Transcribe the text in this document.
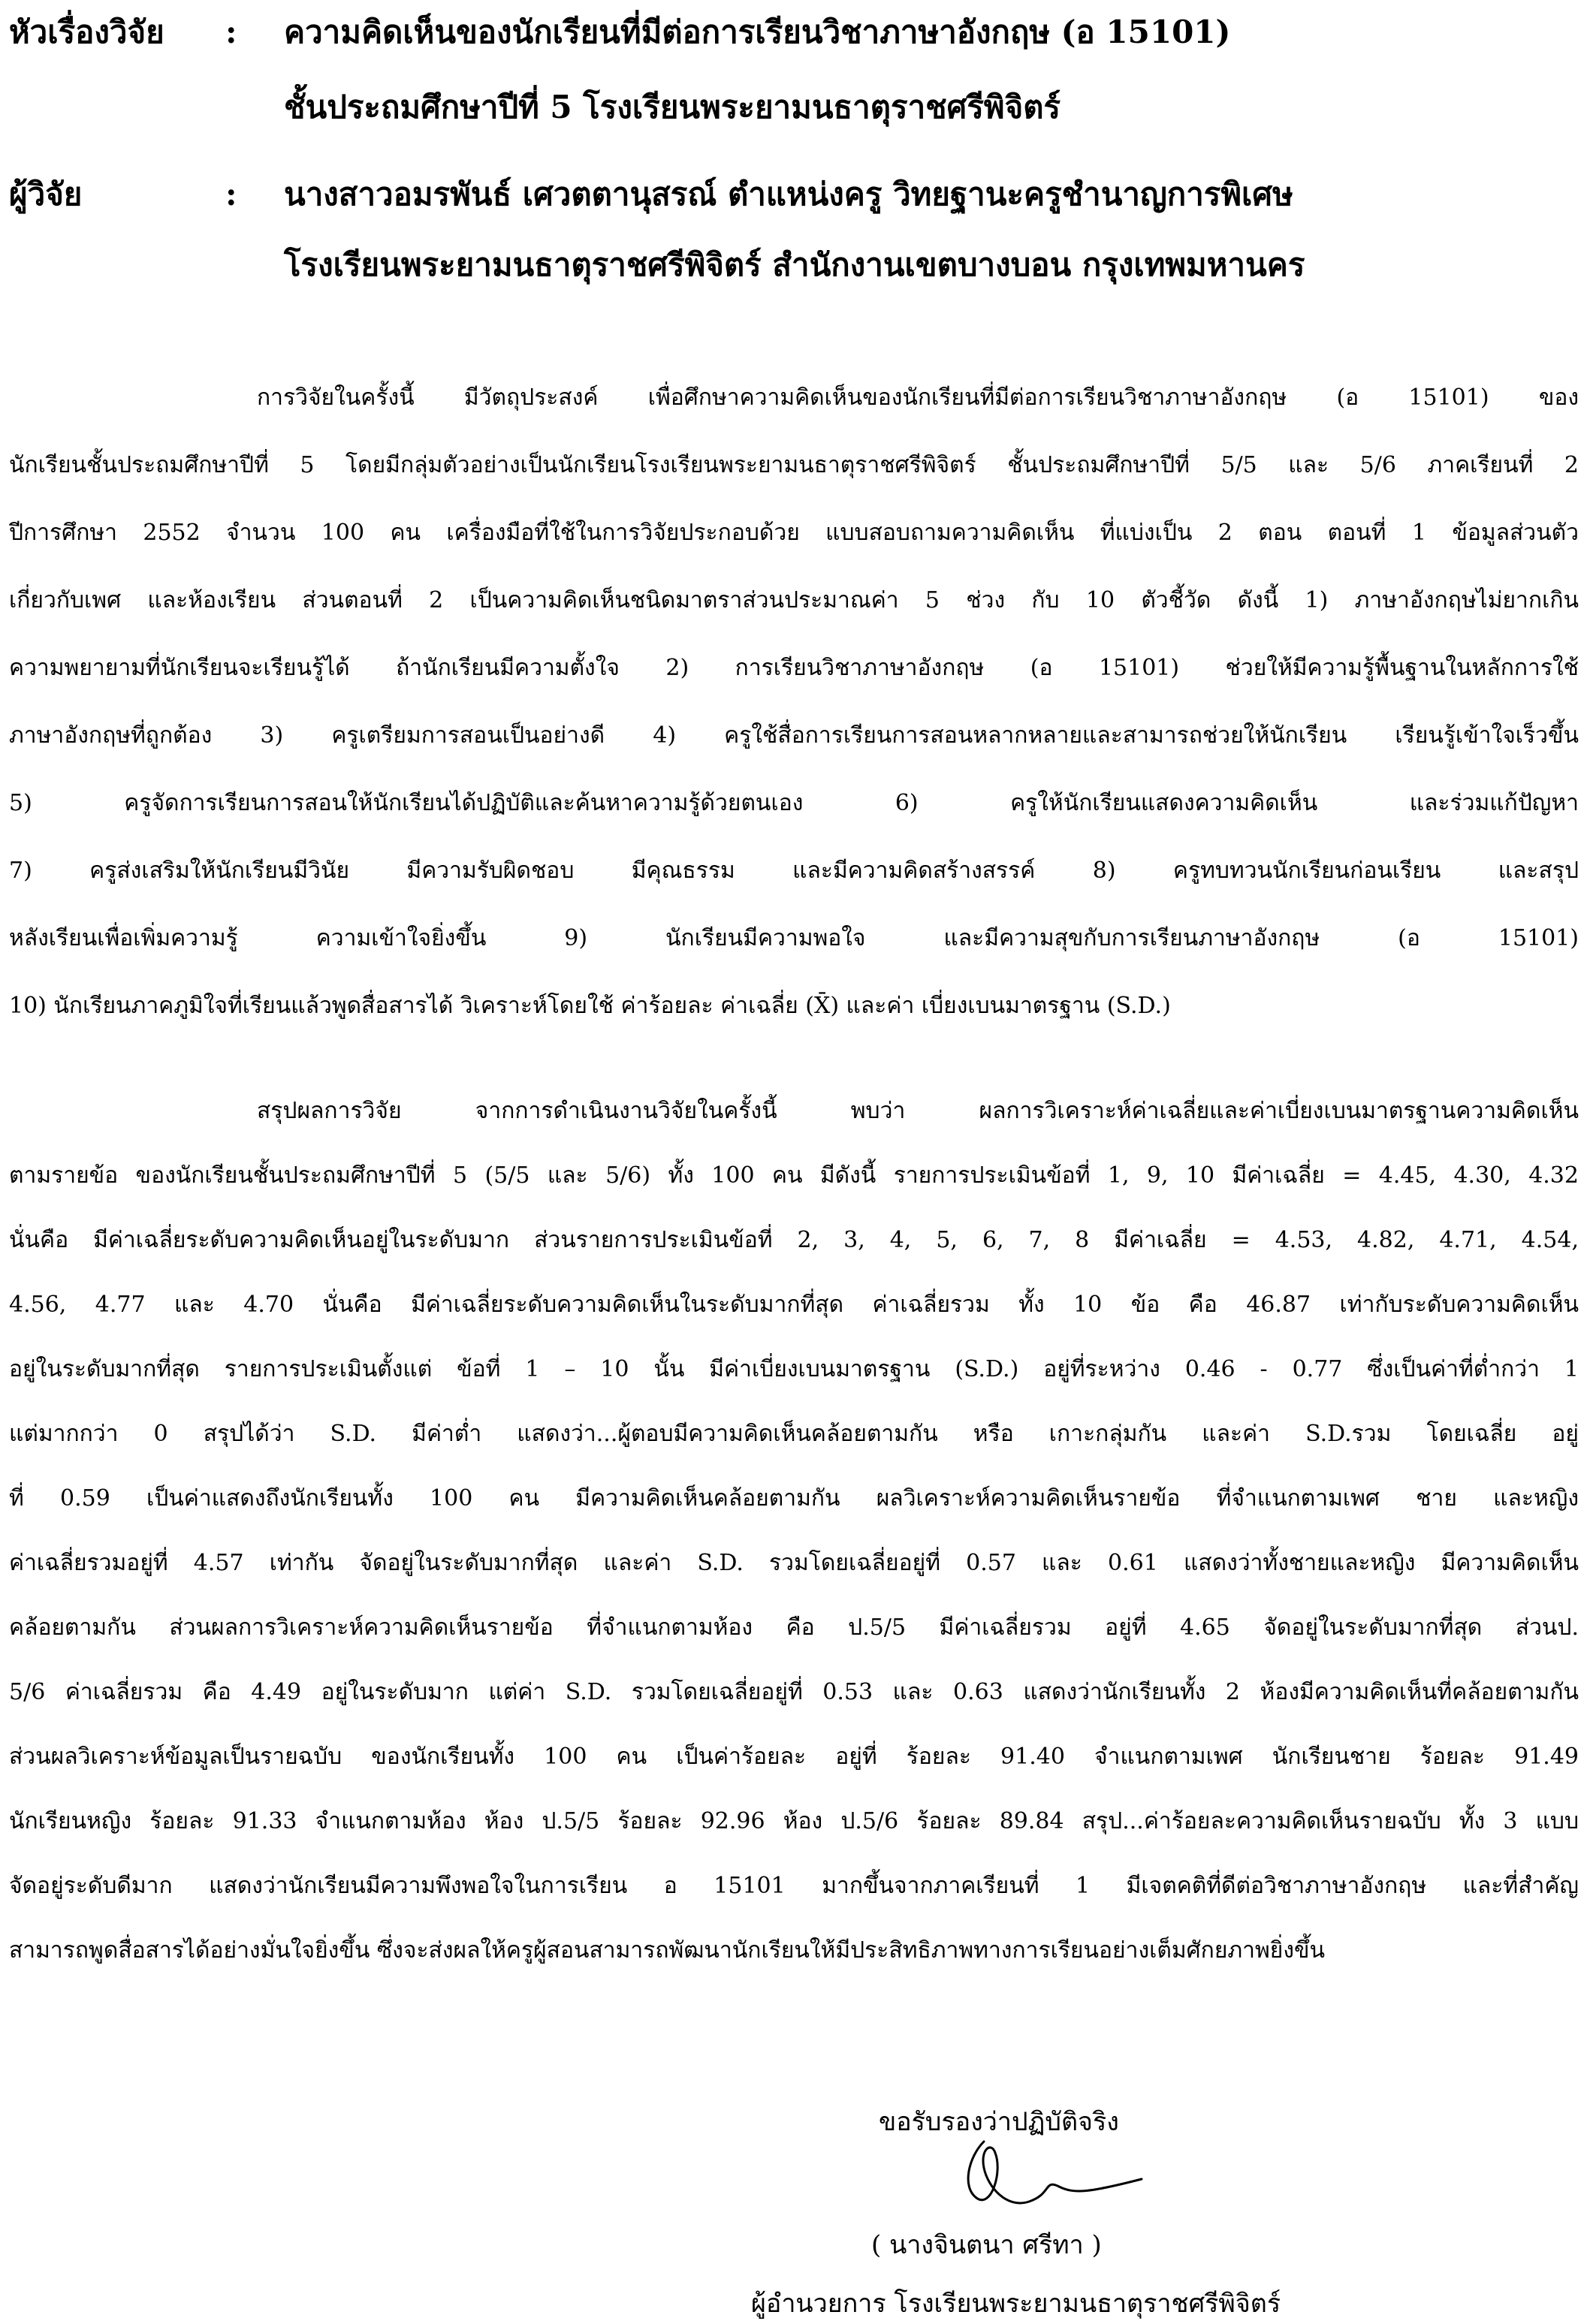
หัวเรื่องวิจัย : ความคิดเห็นของนักเรียนที่มีต่อการเรียนวิชาภาษาอังกฤษ (อ 15101)
ชั้นประถมศึกษาปีที่ 5 โรงเรียนพระยามนธาตุราชศรีพิจิตร์
ผู้วิจัย	: นางสาวอมรพันธ์ เศวตตานุสรณ์ ตำแหน่งครู วิทยฐานะครูชำนาญการพิเศษ
โรงเรียนพระยามนธาตุราชศรีพิจิตร์ สำนักงานเขตบางบอน กรุงเทพมหานคร
การวิจัยในครั้งนี้ มีวัตถุประสงค์ เพื่อศึกษาความคิดเห็นของนักเรียนที่มีต่อการเรียนวิชาภาษาอังกฤษ (อ 15101) ของ
นักเรียนชั้นประถมศึกษาปีที่ 5 โดยมีกลุ่มตัวอย่างเป็นนักเรียนโรงเรียนพระยามนธาตุราชศรีพิจิตร์ ชั้นประถมศึกษาปีที่ 5/5 และ 5/6 ภาคเรียนที่ 2
ปีการศึกษา 2552 จำนวน 100 คน เครื่องมือที่ใช้ในการวิจัยประกอบด้วย แบบสอบถามความคิดเห็น ที่แบ่งเป็น 2 ตอน ตอนที่ 1 ข้อมูลส่วนตัว
เกี่ยวกับเพศ และห้องเรียน ส่วนตอนที่ 2 เป็นความคิดเห็นชนิดมาตราส่วนประมาณค่า 5 ช่วง กับ 10 ตัวชี้วัด ดังนี้ 1) ภาษาอังกฤษไม่ยากเกิน
ความพยายามที่นักเรียนจะเรียนรู้ได้ ถ้านักเรียนมีความตั้งใจ 2) การเรียนวิชาภาษาอังกฤษ (อ 15101) ช่วยให้มีความรู้พื้นฐานในหลักการใช้
ภาษาอังกฤษที่ถูกต้อง 3) ครูเตรียมการสอนเป็นอย่างดี 4) ครูใช้สื่อการเรียนการสอนหลากหลายและสามารถช่วยให้นักเรียน เรียนรู้เข้าใจเร็วขึ้น
5) ครูจัดการเรียนการสอนให้นักเรียนได้ปฏิบัติและค้นหาความรู้ด้วยตนเอง 6) ครูให้นักเรียนแสดงความคิดเห็น และร่วมแก้ปัญหา
7) ครูส่งเสริมให้นักเรียนมีวินัย มีความรับผิดชอบ มีคุณธรรม และมีความคิดสร้างสรรค์ 8) ครูทบทวนนักเรียนก่อนเรียน และสรุป
หลังเรียนเพื่อเพิ่มความรู้ ความเข้าใจยิ่งขึ้น 9) นักเรียนมีความพอใจ และมีความสุขกับการเรียนภาษาอังกฤษ (อ 15101)
10) นักเรียนภาคภูมิใจที่เรียนแล้วพูดสื่อสารได้ วิเคราะห์โดยใช้ ค่าร้อยละ ค่าเฉลี่ย (X̄) และค่า เบี่ยงเบนมาตรฐาน (S.D.)
สรุปผลการวิจัย จากการดำเนินงานวิจัยในครั้งนี้ พบว่า ผลการวิเคราะห์ค่าเฉลี่ยและค่าเบี่ยงเบนมาตรฐานความคิดเห็น
ตามรายข้อ ของนักเรียนชั้นประถมศึกษาปีที่ 5 (5/5 และ 5/6) ทั้ง 100 คน มีดังนี้ รายการประเมินข้อที่ 1, 9, 10 มีค่าเฉลี่ย = 4.45, 4.30, 4.32
นั่นคือ มีค่าเฉลี่ยระดับความคิดเห็นอยู่ในระดับมาก ส่วนรายการประเมินข้อที่ 2, 3, 4, 5, 6, 7, 8 มีค่าเฉลี่ย = 4.53, 4.82, 4.71, 4.54,
4.56, 4.77 และ 4.70 นั่นคือ มีค่าเฉลี่ยระดับความคิดเห็นในระดับมากที่สุด ค่าเฉลี่ยรวม ทั้ง 10 ข้อ คือ 46.87 เท่ากับระดับความคิดเห็น
อยู่ในระดับมากที่สุด รายการประเมินตั้งแต่ ข้อที่ 1 – 10 นั้น มีค่าเบี่ยงเบนมาตรฐาน (S.D.) อยู่ที่ระหว่าง 0.46 - 0.77 ซึ่งเป็นค่าที่ต่ำกว่า 1
แต่มากกว่า 0 สรุปได้ว่า S.D. มีค่าต่ำ แสดงว่า...ผู้ตอบมีความคิดเห็นคล้อยตามกัน หรือ เกาะกลุ่มกัน และค่า S.D.รวม โดยเฉลี่ย อยู่
ที่ 0.59 เป็นค่าแสดงถึงนักเรียนทั้ง 100 คน มีความคิดเห็นคล้อยตามกัน ผลวิเคราะห์ความคิดเห็นรายข้อ ที่จำแนกตามเพศ ชาย และหญิง
ค่าเฉลี่ยรวมอยู่ที่ 4.57 เท่ากัน จัดอยู่ในระดับมากที่สุด และค่า S.D. รวมโดยเฉลี่ยอยู่ที่ 0.57 และ 0.61 แสดงว่าทั้งชายและหญิง มีความคิดเห็น
คล้อยตามกัน ส่วนผลการวิเคราะห์ความคิดเห็นรายข้อ ที่จำแนกตามห้อง คือ ป.5/5 มีค่าเฉลี่ยรวม อยู่ที่ 4.65 จัดอยู่ในระดับมากที่สุด ส่วนป.
5/6 ค่าเฉลี่ยรวม คือ 4.49 อยู่ในระดับมาก แต่ค่า S.D. รวมโดยเฉลี่ยอยู่ที่ 0.53 และ 0.63 แสดงว่านักเรียนทั้ง 2 ห้องมีความคิดเห็นที่คล้อยตามกัน
ส่วนผลวิเคราะห์ข้อมูลเป็นรายฉบับ ของนักเรียนทั้ง 100 คน เป็นค่าร้อยละ อยู่ที่ ร้อยละ 91.40 จำแนกตามเพศ นักเรียนชาย ร้อยละ 91.49
นักเรียนหญิง ร้อยละ 91.33 จำแนกตามห้อง ห้อง ป.5/5 ร้อยละ 92.96 ห้อง ป.5/6 ร้อยละ 89.84 สรุป...ค่าร้อยละความคิดเห็นรายฉบับ ทั้ง 3 แบบ
จัดอยู่ระดับดีมาก แสดงว่านักเรียนมีความพึงพอใจในการเรียน อ 15101 มากขึ้นจากภาคเรียนที่ 1 มีเจตคติที่ดีต่อวิชาภาษาอังกฤษ และที่สำคัญ
สามารถพูดสื่อสารได้อย่างมั่นใจยิ่งขึ้น ซึ่งจะส่งผลให้ครูผู้สอนสามารถพัฒนานักเรียนให้มีประสิทธิภาพทางการเรียนอย่างเต็มศักยภาพยิ่งขึ้น
ขอรับรองว่าปฏิบัติจริง
( นางจินตนา ศรีทา )
ผู้อำนวยการ โรงเรียนพระยามนธาตุราชศรีพิจิตร์
